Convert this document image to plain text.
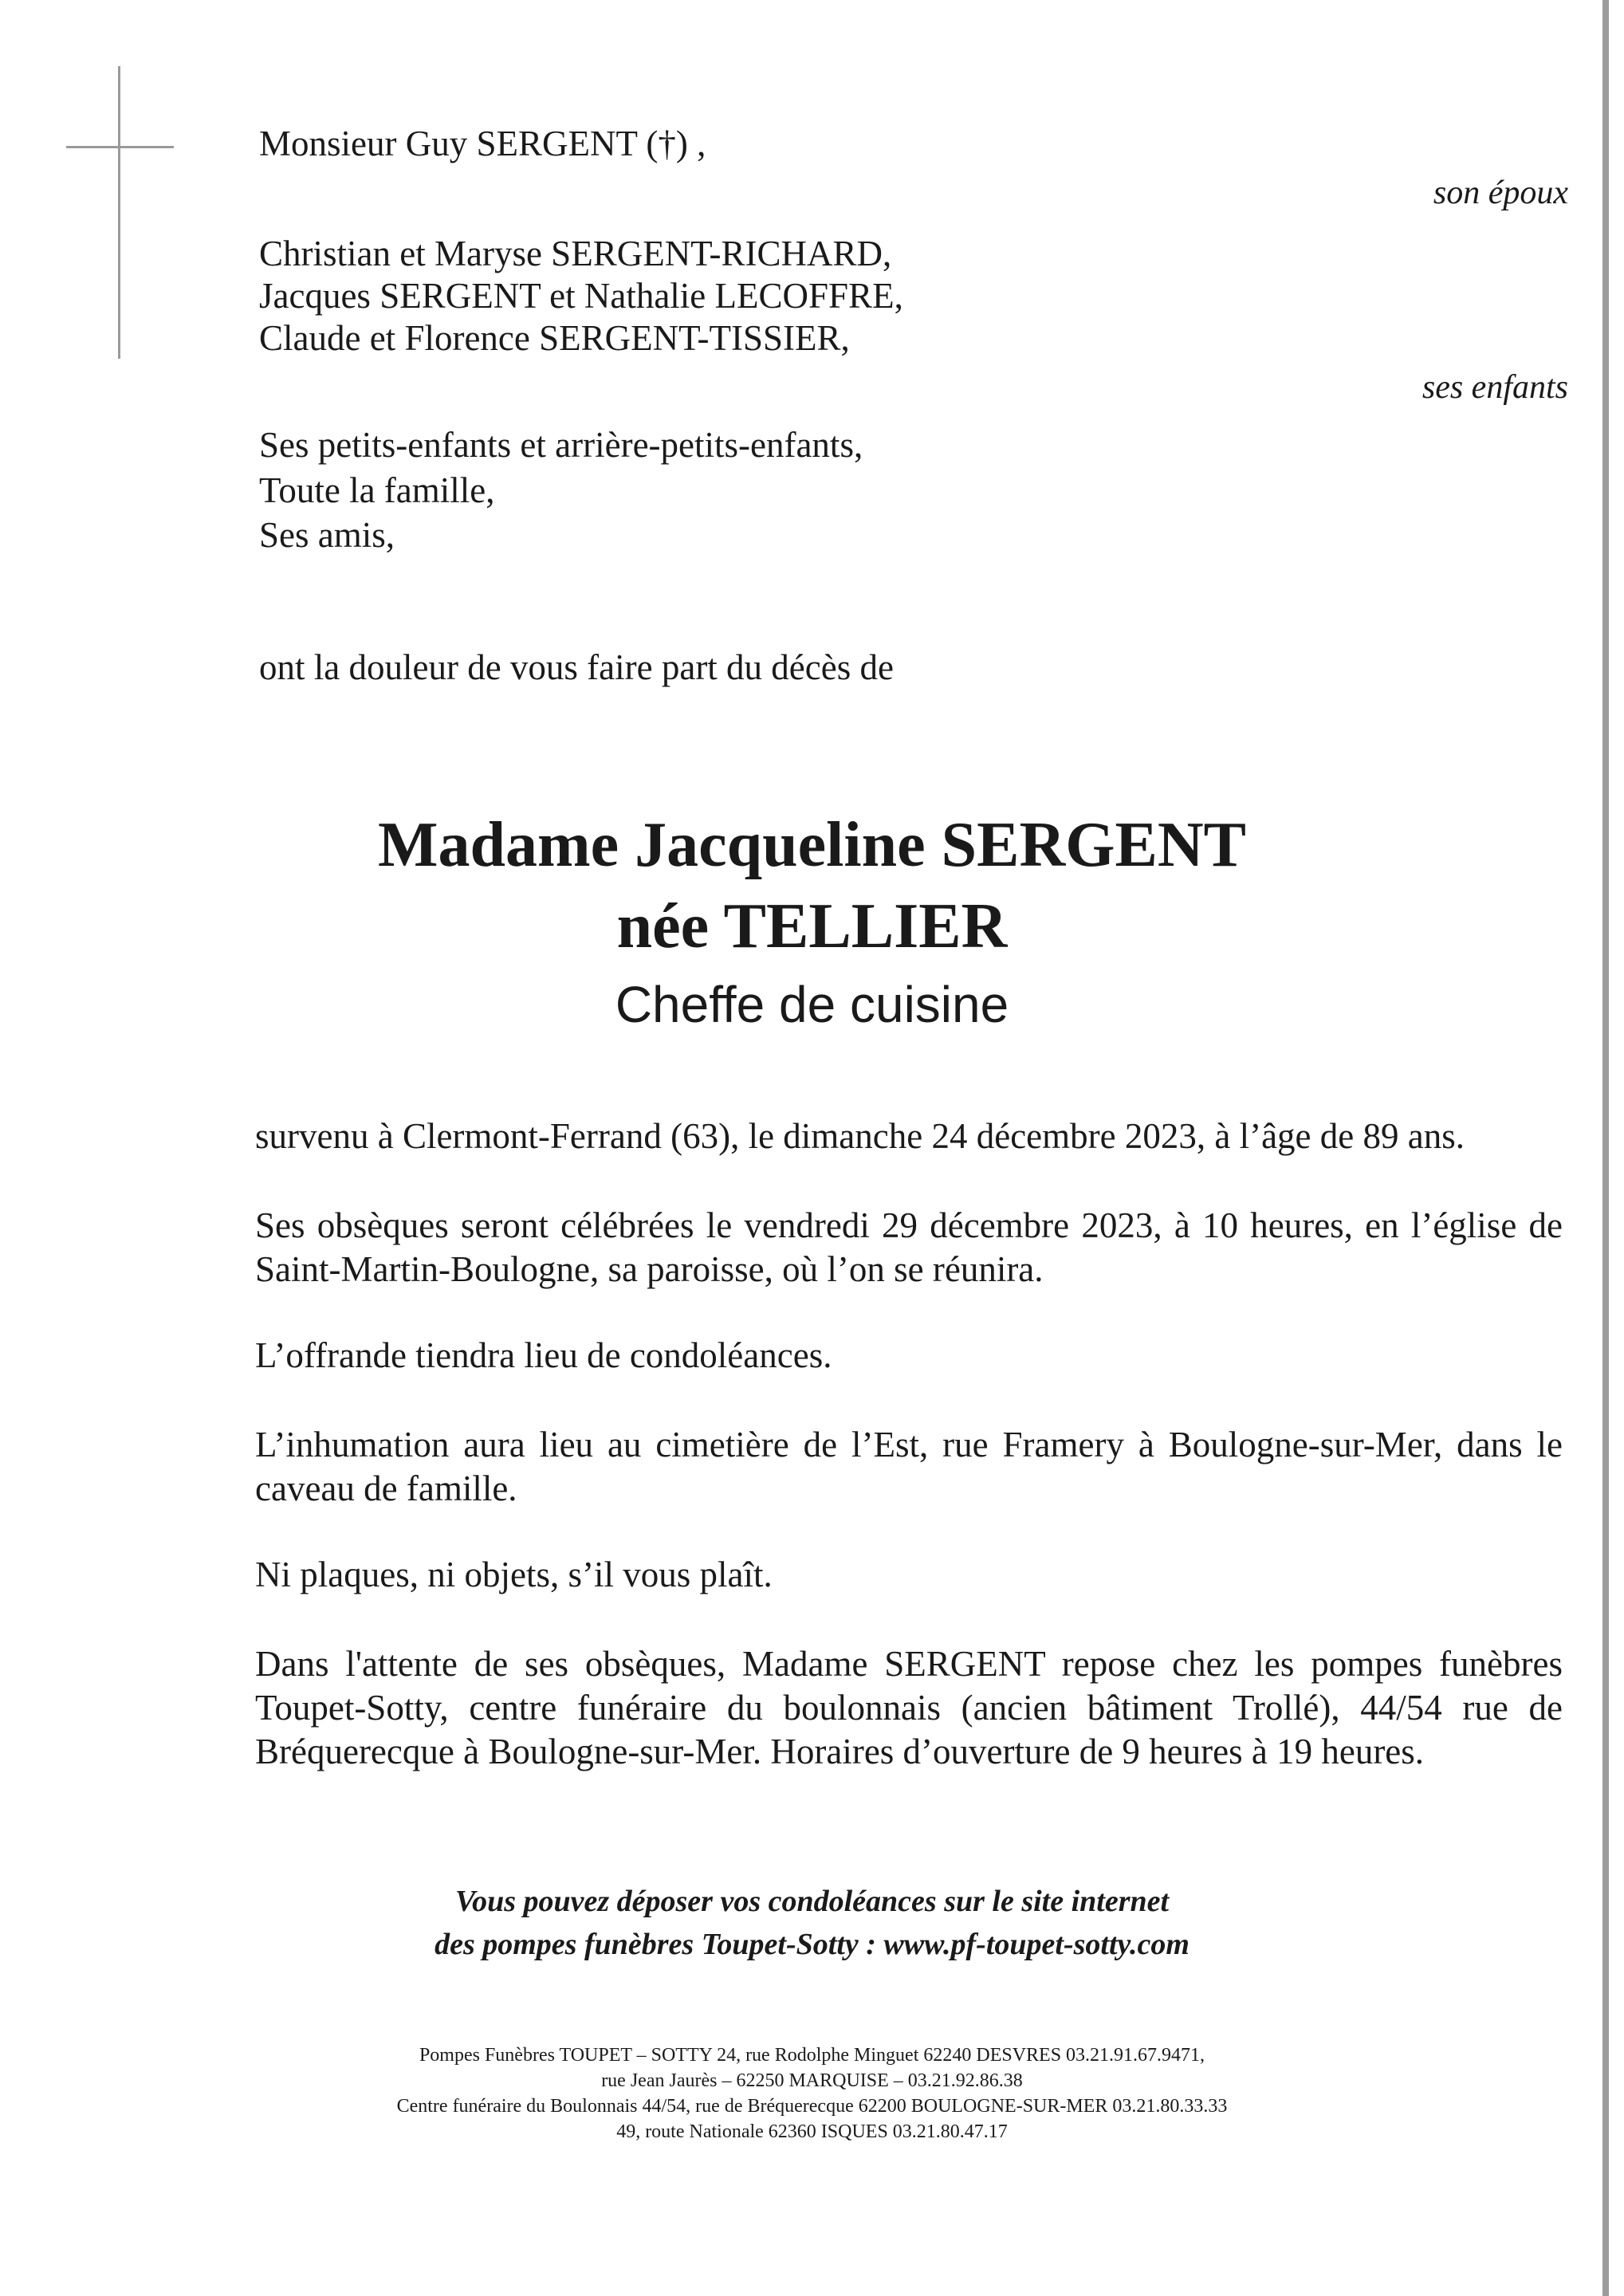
Monsieur Guy SERGENT (†) ,
son époux
Christian et Maryse SERGENT-RICHARD,
Jacques SERGENT et Nathalie LECOFFRE,
Claude et Florence SERGENT-TISSIER,
ses enfants
Ses petits-enfants et arrière-petits-enfants,
Toute la famille,
Ses amis,
ont la douleur de vous faire part du décès de
Madame Jacqueline SERGENT
née TELLIER
Cheffe de cuisine

survenu à Clermont-Ferrand (63), le dimanche 24 décembre 2023, à l’âge de 89 ans.

Ses obsèques seront célébrées le vendredi 29 décembre 2023, à 10 heures, en l’église de Saint-Martin-Boulogne, sa paroisse, où l’on se réunira.

L’offrande tiendra lieu de condoléances.

L’inhumation aura lieu au cimetière de l’Est, rue Framery à Boulogne-sur-Mer, dans le caveau de famille.

Ni plaques, ni objets, s’il vous plaît.

Dans l'attente de ses obsèques, Madame SERGENT repose chez les pompes funèbres Toupet-Sotty, centre funéraire du boulonnais (ancien bâtiment Trollé), 44/54 rue de Bréquerecque à Boulogne-sur-Mer. Horaires d’ouverture de 9 heures à 19 heures.

Vous pouvez déposer vos condoléances sur le site internet
des pompes funèbres Toupet-Sotty : www.pf-toupet-sotty.com
Pompes Funèbres TOUPET – SOTTY 24, rue Rodolphe Minguet 62240 DESVRES 03.21.91.67.9471,
rue Jean Jaurès – 62250 MARQUISE – 03.21.92.86.38
Centre funéraire du Boulonnais 44/54, rue de Bréquerecque 62200 BOULOGNE-SUR-MER 03.21.80.33.33
49, route Nationale 62360 ISQUES 03.21.80.47.17
